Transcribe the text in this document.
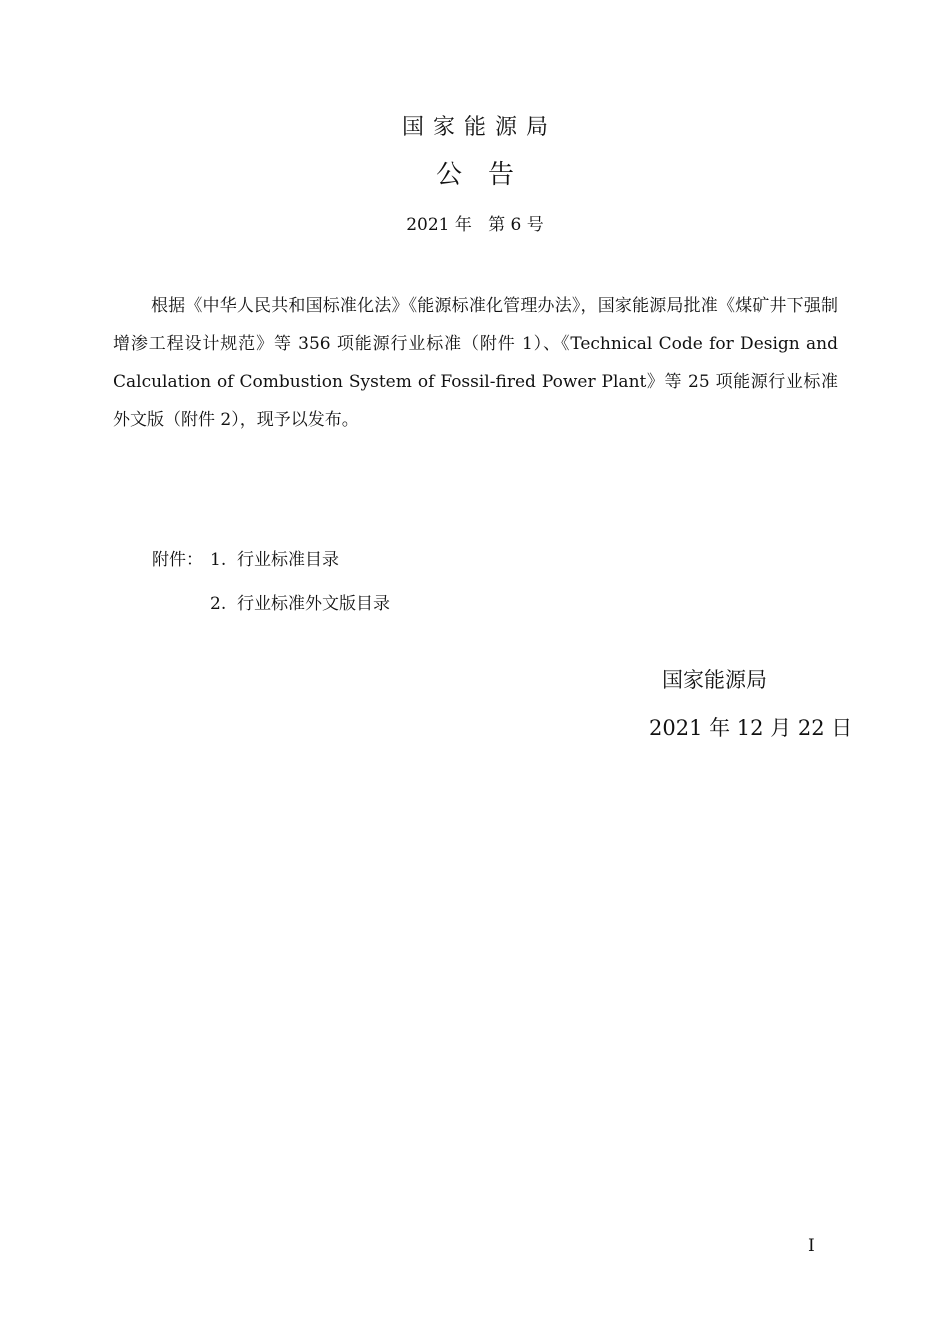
国家能源局
公告
2021 年   第 6 号

根据《中华人民共和国标准化法》《能源标准化管理办法》，国家能源局批准《煤矿井下强制增渗工程设计规范》等 356 项能源行业标准（附件 1）、《Technical Code for Design and Calculation of Combustion System of Fossil-fired Power Plant》等 25 项能源行业标准外文版（附件 2），现予以发布。

附件： 1.  行业标准目录
2.  行业标准外文版目录
国家能源局
2021 年 12 月 22 日
I
